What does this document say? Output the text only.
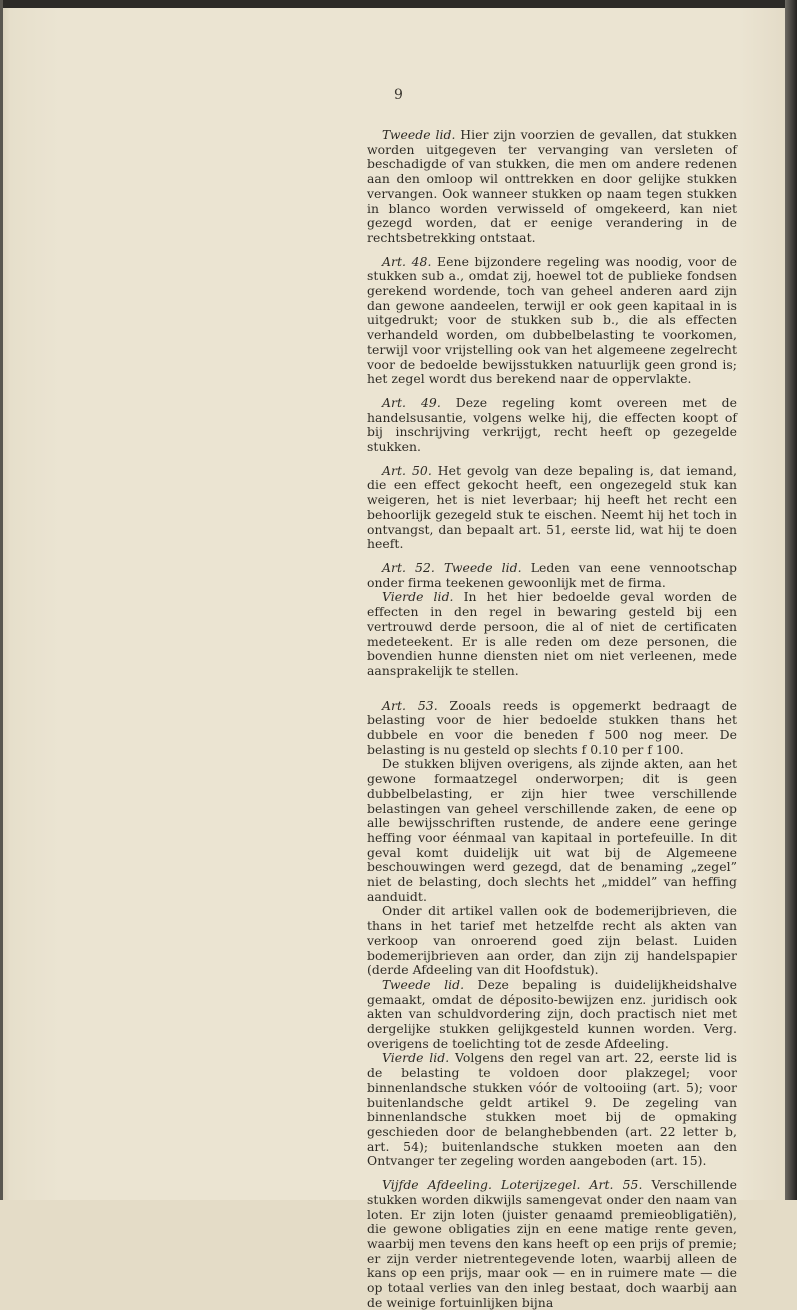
9

Tweede lid. Hier zijn voorzien de gevallen, dat stukken worden uitgegeven ter vervanging van versleten of beschadigde of van stukken, die men om andere redenen aan den omloop wil onttrekken en door gelijke stukken vervangen. Ook wanneer stukken op naam tegen stukken in blanco worden verwisseld of omgekeerd, kan niet gezegd worden, dat er eenige verandering in de rechtsbetrekking ontstaat.

Art. 48. Eene bijzondere regeling was noodig, voor de stukken sub a., omdat zij, hoewel tot de publieke fondsen gerekend wordende, toch van geheel anderen aard zijn dan gewone aandeelen, terwijl er ook geen kapitaal in is uitgedrukt; voor de stukken sub b., die als effecten verhandeld worden, om dubbelbelasting te voorkomen, terwijl voor vrijstelling ook van het algemeene zegelrecht voor de bedoelde bewijsstukken natuurlijk geen grond is; het zegel wordt dus berekend naar de oppervlakte.

Art. 49. Deze regeling komt overeen met de handelsusantie, volgens welke hij, die effecten koopt of bij inschrijving verkrijgt, recht heeft op gezegelde stukken.

Art. 50. Het gevolg van deze bepaling is, dat iemand, die een effect gekocht heeft, een ongezegeld stuk kan weigeren, het is niet leverbaar; hij heeft het recht een behoorlijk gezegeld stuk te eischen. Neemt hij het toch in ontvangst, dan bepaalt art. 51, eerste lid, wat hij te doen heeft.

Art. 52. Tweede lid. Leden van eene vennootschap onder firma teekenen gewoonlijk met de firma.

Vierde lid. In het hier bedoelde geval worden de effecten in den regel in bewaring gesteld bij een vertrouwd derde persoon, die al of niet de certificaten medeteekent. Er is alle reden om deze personen, die bovendien hunne diensten niet om niet verleenen, mede aansprakelijk te stellen.

Art. 53. Zooals reeds is opgemerkt bedraagt de belasting voor de hier bedoelde stukken thans het dubbele en voor die beneden f 500 nog meer. De belasting is nu gesteld op slechts f 0.10 per f 100.

De stukken blijven overigens, als zijnde akten, aan het gewone formaatzegel onderworpen; dit is geen dubbelbelasting, er zijn hier twee verschillende belastingen van geheel verschillende zaken, de eene op alle bewijsschriften rustende, de andere eene geringe heffing voor éénmaal van kapitaal in portefeuille. In dit geval komt duidelijk uit wat bij de Algemeene beschouwingen werd gezegd, dat de benaming „zegel” niet de belasting, doch slechts het „middel” van heffing aanduidt.

Onder dit artikel vallen ook de bodemerijbrieven, die thans in het tarief met hetzelfde recht als akten van verkoop van onroerend goed zijn belast. Luiden bodemerijbrieven aan order, dan zijn zij handelspapier (derde Afdeeling van dit Hoofdstuk).

Tweede lid. Deze bepaling is duidelijkheidshalve gemaakt, omdat de déposito-bewijzen enz. juridisch ook akten van schuldvordering zijn, doch practisch niet met dergelijke stukken gelijkgesteld kunnen worden. Verg. overigens de toelichting tot de zesde Afdeeling.

Vierde lid. Volgens den regel van art. 22, eerste lid is de belasting te voldoen door plakzegel; voor binnenlandsche stukken vóór de voltooiing (art. 5); voor buitenlandsche geldt artikel 9. De zegeling van binnenlandsche stukken moet bij de opmaking geschieden door de belanghebbenden (art. 22 letter b, art. 54); buitenlandsche stukken moeten aan den Ontvanger ter zegeling worden aangeboden (art. 15).

Vijfde Afdeeling. Loterijzegel. Art. 55. Verschillende stukken worden dikwijls samengevat onder den naam van loten. Er zijn loten (juister genaamd premieobligatiën), die gewone obligaties zijn en eene matige rente geven, waarbij men tevens den kans heeft op een prijs of premie; er zijn verder nietrentegevende loten, waarbij alleen de kans op een prijs, maar ook — en in ruimere mate — die op totaal verlies van den inleg bestaat, doch waarbij aan de weinige fortuinlijken bijna
